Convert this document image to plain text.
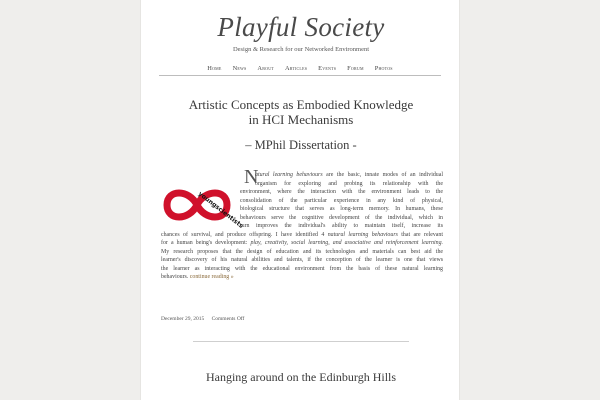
Playful Society
Design & Research for our Networked Environment
Home News About Articles Events Forum Photos
Artistic Concepts as Embodied Knowledge
in HCI Mechanisms
– MPhil Dissertation -
youngscientists
N
atural learning behaviours are the basic, innate modes of an individual
organism for exploring and probing its relationship with the
environment, where the interaction with the environment leads to the
consolidation of the particular experience in any kind of physical,
biological structure that serves as long-term memory. In humans, these
behaviours serve the cognitive development of the individual, which in
turn improves the individual's ability to maintain itself, increase its
chances of survival, and produce offspring. I have identified 4 natural learning behaviours that are relevant
for a human being's development: play, creativity, social learning, and associative and reinforcement learning.
My research proposes that the design of education and its technologies and materials can best aid the
learner's discovery of his natural abilities and talents, if the conception of the learner is one that views
the learner as interacting with the educational environment from the basis of these natural learning
behaviours. continue reading »
December 29, 2015 Comments Off
Hanging around on the Edinburgh Hills
